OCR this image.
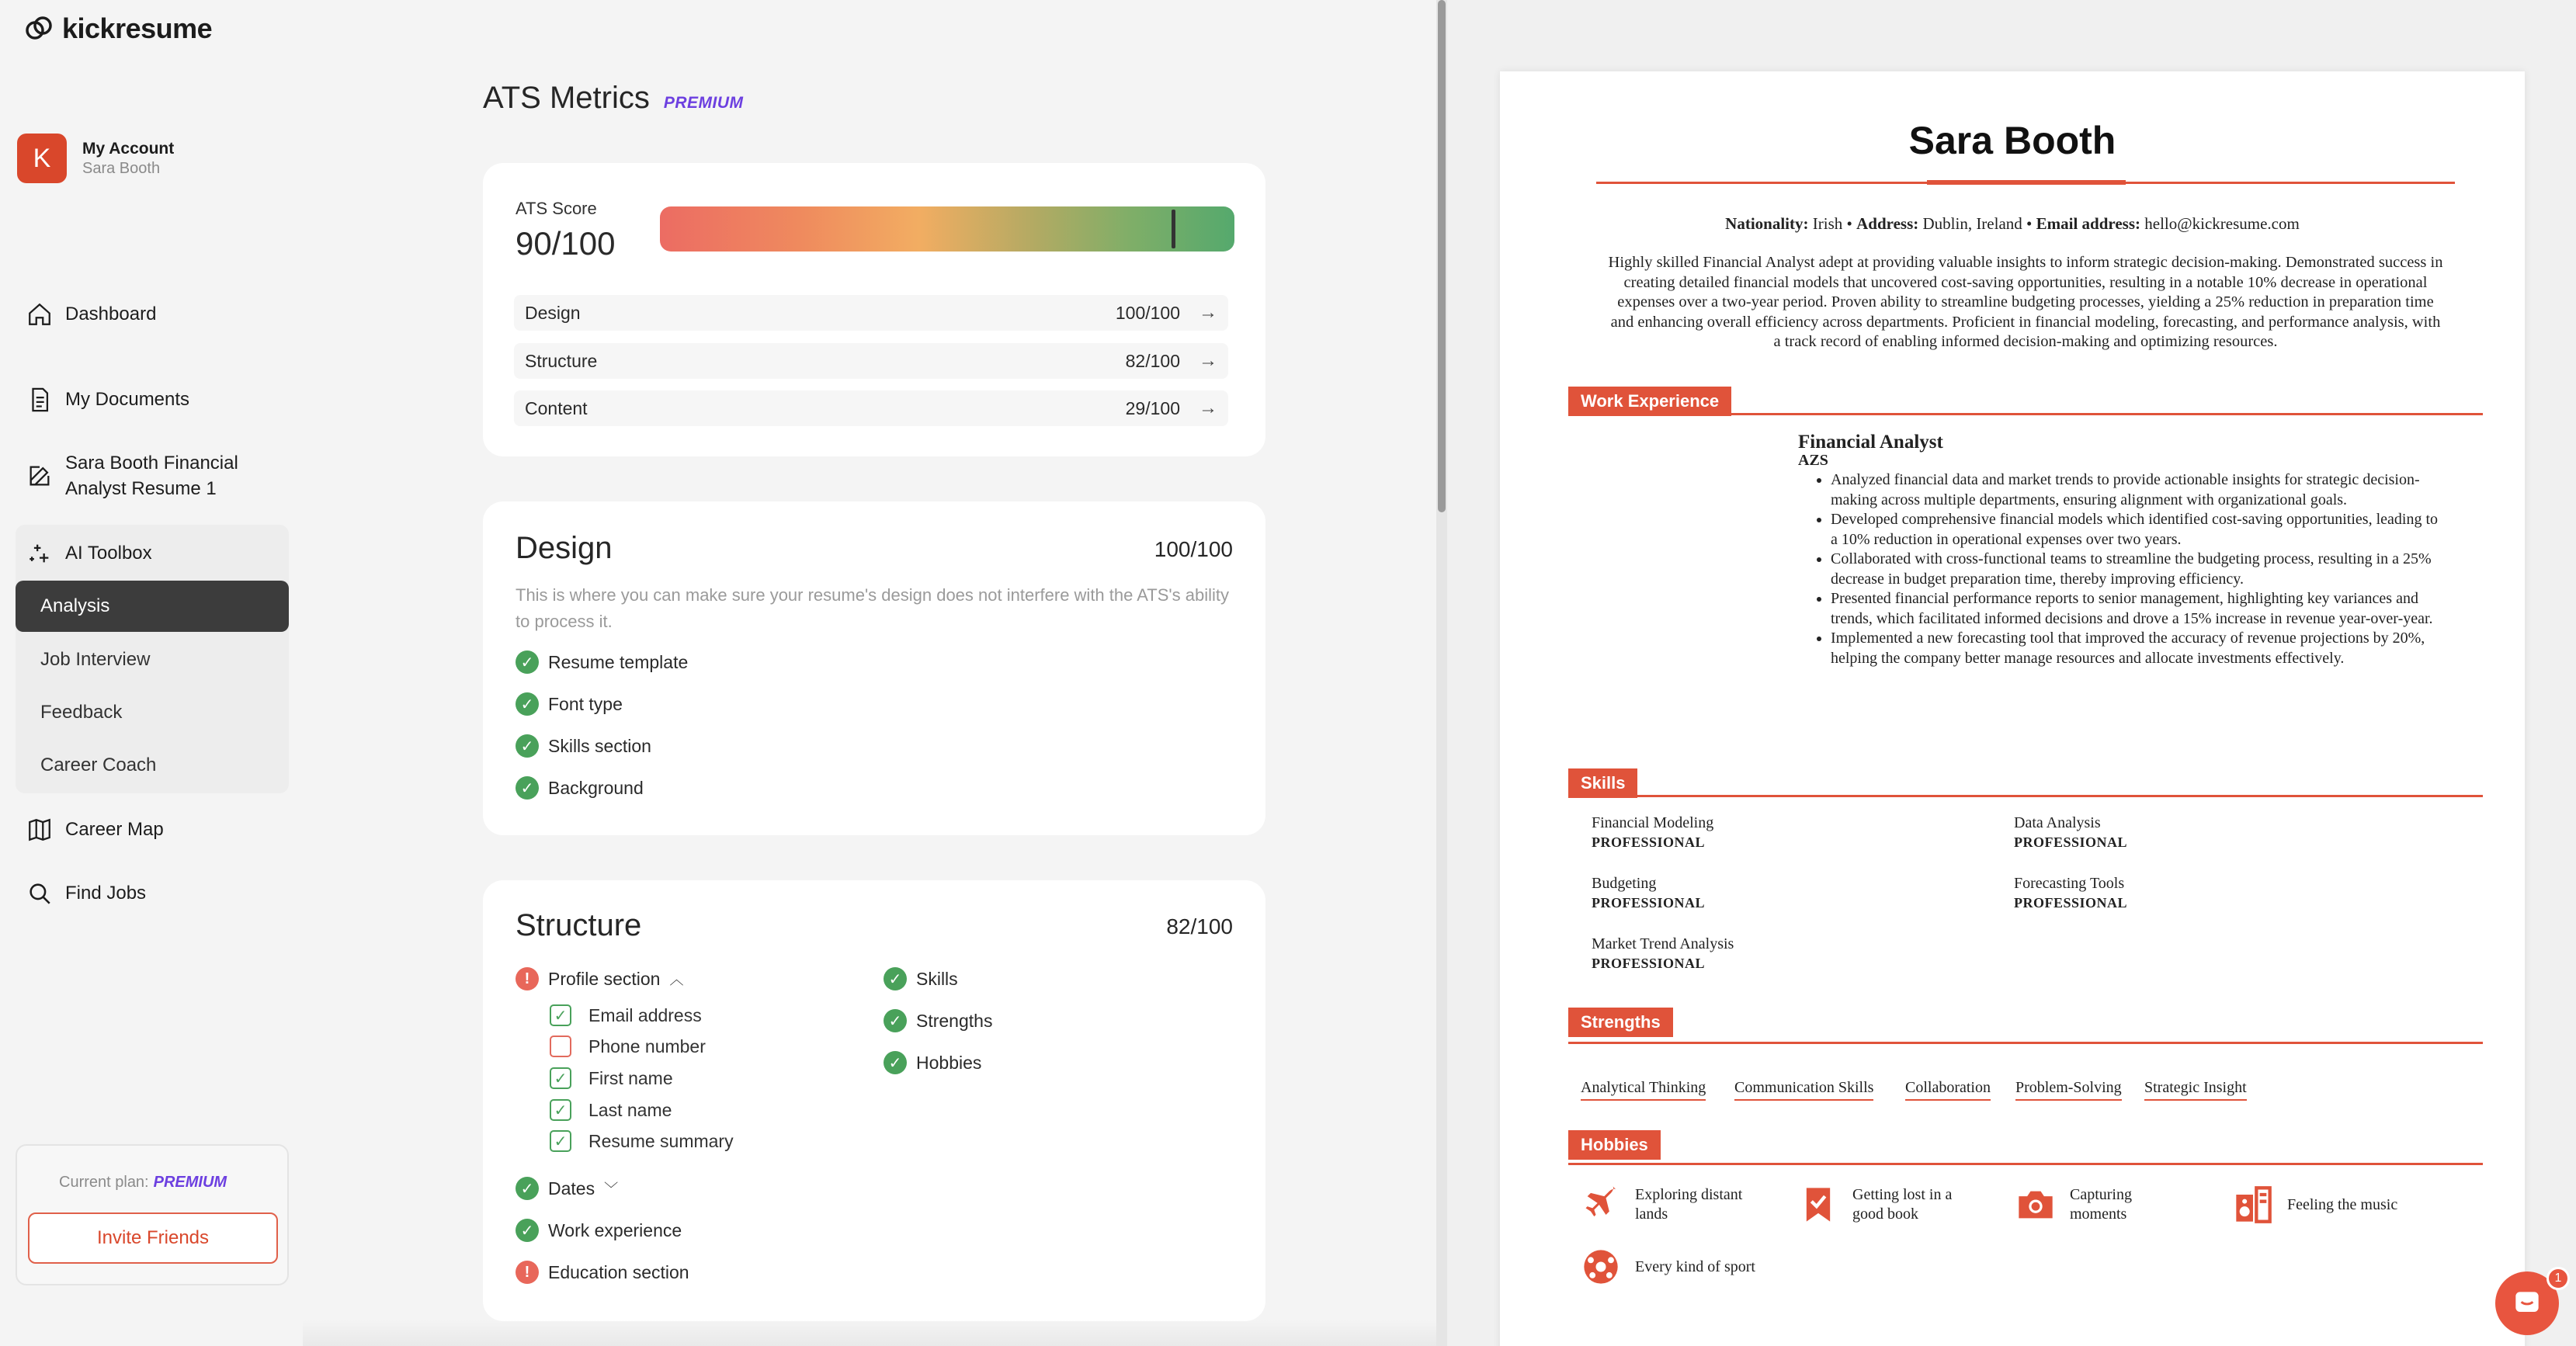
kickresume
K	My Account
Sara Booth
Dashboard
My Documents
Sara Booth Financial
Analyst Resume 1
AI Toolbox
Analysis
Job Interview
Feedback
Career Coach
Career Map
Find Jobs
Current plan: PREMIUM
Invite Friends
ATS Metrics PREMIUM
ATS Score
90/100
Design	100/100 →
Structure	82/100 →
Content	29/100 →
Design	100/100
This is where you can make sure your resume's design does not interfere with the ATS's ability to process it.
✓ Resume template
✓ Font type
✓ Skills section
✓ Background
Structure	82/100
!	Profile section ︿
✓ Email address
Phone number
✓ First name
✓ Last name
✓ Resume summary
✓ Dates ﹀
✓ Work experience
!	Education section
✓ Skills
✓ Strengths
✓ Hobbies
Sara Booth
Nationality: Irish • Address: Dublin, Ireland • Email address: hello@kickresume.com
Highly skilled Financial Analyst adept at providing valuable insights to inform strategic decision-making. Demonstrated success in creating detailed financial models that uncovered cost-saving opportunities, resulting in a notable 10% decrease in operational expenses over a two-year period. Proven ability to streamline budgeting processes, yielding a 25% reduction in preparation time and enhancing overall efficiency across departments. Proficient in financial modeling, forecasting, and performance analysis, with a track record of enabling informed decision-making and optimizing resources.
Work Experience
Financial Analyst
AZS
• Analyzed financial data and market trends to provide actionable insights for strategic decision-making across multiple departments, ensuring alignment with organizational goals.
• Developed comprehensive financial models which identified cost-saving opportunities, leading to a 10% reduction in operational expenses over two years.
• Collaborated with cross-functional teams to streamline the budgeting process, resulting in a 25% decrease in budget preparation time, thereby improving efficiency.
• Presented financial performance reports to senior management, highlighting key variances and trends, which facilitated informed decisions and drove a 15% increase in revenue year-over-year.
• Implemented a new forecasting tool that improved the accuracy of revenue projections by 20%, helping the company better manage resources and allocate investments effectively.
Skills
Financial Modeling
PROFESSIONAL
Data Analysis
PROFESSIONAL
Budgeting
PROFESSIONAL
Forecasting Tools
PROFESSIONAL
Market Trend Analysis
PROFESSIONAL
Strengths
Analytical Thinking Communication Skills Collaboration Problem-Solving Strategic Insight
Hobbies
Exploring distant
lands
Getting lost in a
good book
Capturing
moments
Feeling the music
Every kind of sport
1
